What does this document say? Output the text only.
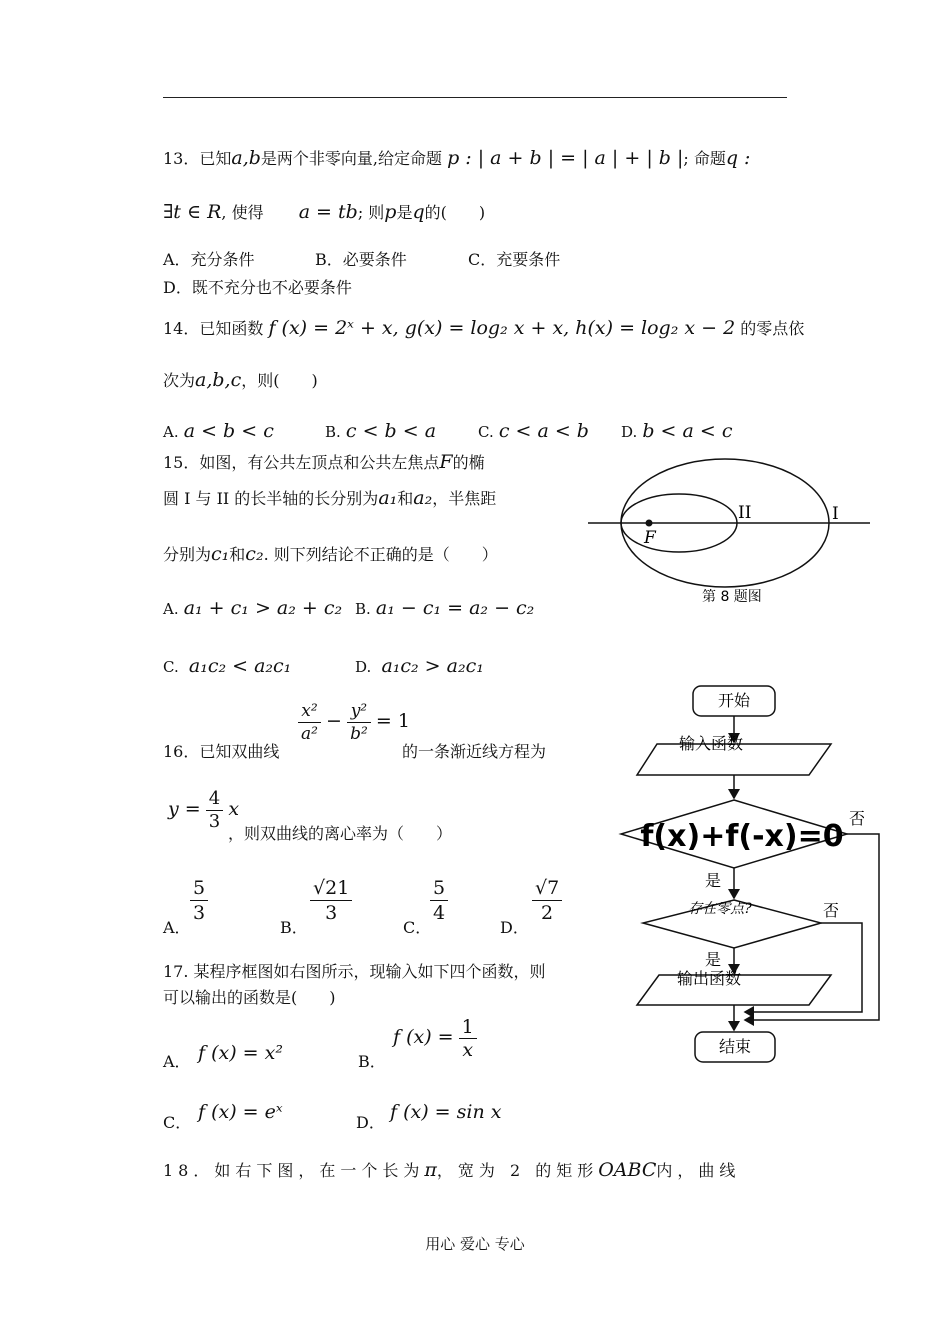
13．已知a,b是两个非零向量,给定命题 p : | a + b | = | a | + | b |; 命题q :
∃t ∈ R, 使得 a = tb; 则p是q的(　　)
A．充分条件	B．必要条件	C．充要条件
D．既不充分也不必要条件
14．已知函数 f (x) = 2ˣ + x, g(x) = log₂ x + x, h(x) = log₂ x − 2 的零点依
次为a,b,c，则(　　)
A. a < b < c	B. c < b < a	C. c < a < b D. b < a < c
15．如图，有公共左顶点和公共左焦点F的椭
圆 I 与 II 的长半轴的长分别为a₁和a₂，半焦距
分别为c₁和c₂. 则下列结论不正确的是（　　）
A. a₁ + c₁ > a₂ + c₂ B. a₁ − c₁ = a₂ − c₂
C. a₁c₂ < a₂c₁	D. a₁c₂ > a₂c₁
II	I
F
第 8 题图
16．已知双曲线
$\frac{\text{x²}}{\text{a²}} - \frac{\text{y²}}{\text{b²}} = 1$
的一条渐近线方程为
$y = \frac{4}{3}$ x
，则双曲线的离心率为（　　）
A．
$\frac{5}{3}$
B．
$\frac{√21}{3}$
C．
$\frac{5}{4}$
D．
$\frac{√7}{2}$
17. 某程序框图如右图所示，现输入如下四个函数，则
可以输出的函数是(　　)
A． f (x) = x²	B．
f $(x) = \frac{1}{x}$
C． f (x) = eˣ	D． f (x) = sin x
开始
输入函数
f(x)+f(-x)=0
否
是
存在零点?	否
是
输出函数
结束
18．如右下图，在一个长为π，宽为 2 的矩形OABC内，曲线
用心 爱心 专心
